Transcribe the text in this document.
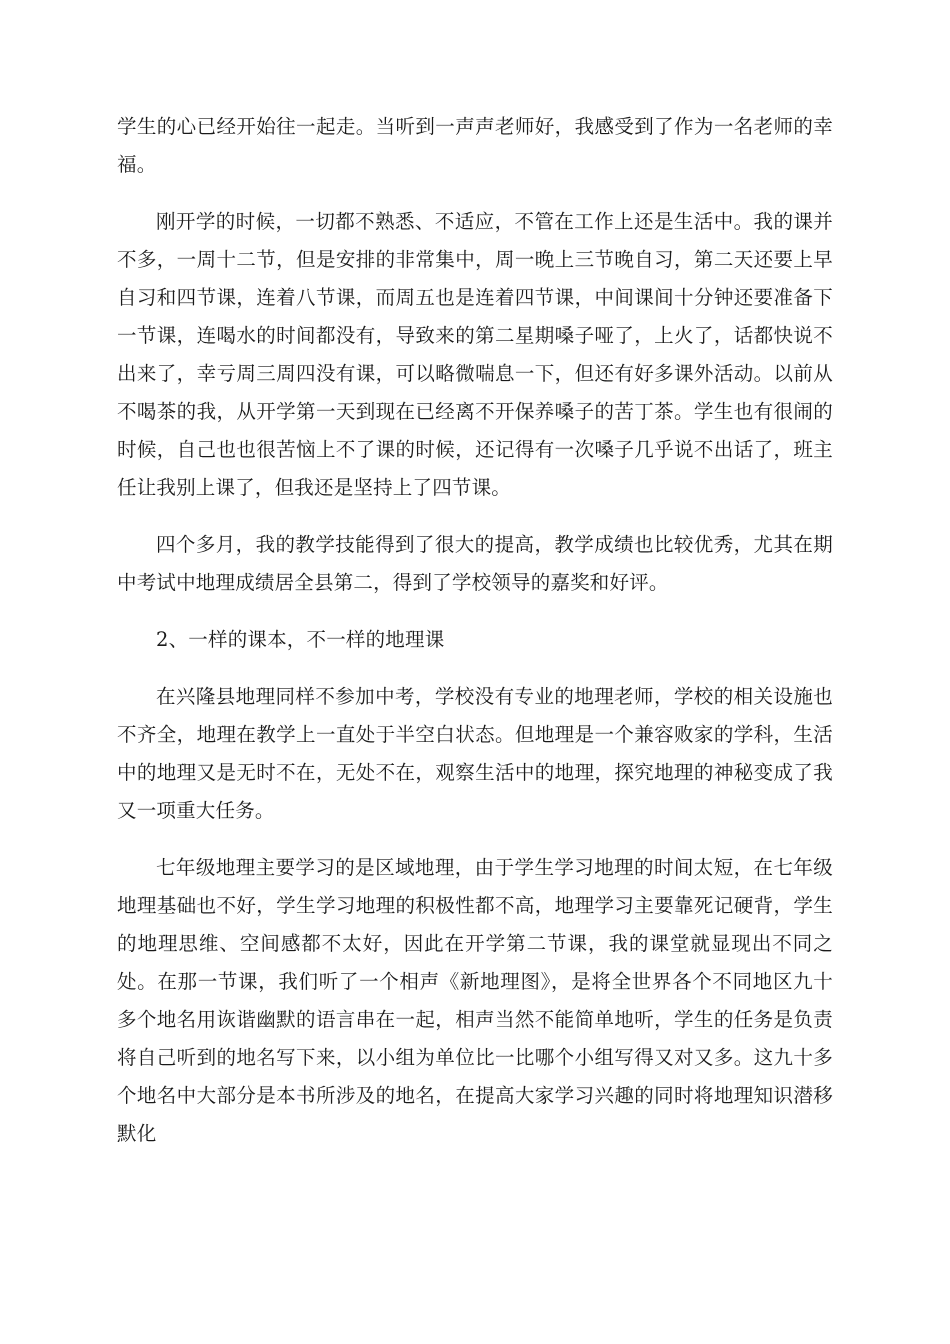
学生的心已经开始往一起走。当听到一声声老师好，我感受到了作为一名老师的幸福。

刚开学的时候，一切都不熟悉、不适应，不管在工作上还是生活中。我的课并不多，一周十二节，但是安排的非常集中，周一晚上三节晚自习，第二天还要上早自习和四节课，连着八节课，而周五也是连着四节课，中间课间十分钟还要准备下一节课，连喝水的时间都没有，导致来的第二星期嗓子哑了，上火了，话都快说不出来了，幸亏周三周四没有课，可以略微喘息一下，但还有好多课外活动。以前从不喝茶的我，从开学第一天到现在已经离不开保养嗓子的苦丁茶。学生也有很闹的时候，自己也也很苦恼上不了课的时候，还记得有一次嗓子几乎说不出话了，班主任让我别上课了，但我还是坚持上了四节课。

四个多月，我的教学技能得到了很大的提高，教学成绩也比较优秀，尤其在期中考试中地理成绩居全县第二，得到了学校领导的嘉奖和好评。

2、一样的课本，不一样的地理课

在兴隆县地理同样不参加中考，学校没有专业的地理老师，学校的相关设施也不齐全，地理在教学上一直处于半空白状态。但地理是一个兼容败家的学科，生活中的地理又是无时不在，无处不在，观察生活中的地理，探究地理的神秘变成了我又一项重大任务。

七年级地理主要学习的是区域地理，由于学生学习地理的时间太短，在七年级地理基础也不好，学生学习地理的积极性都不高，地理学习主要靠死记硬背，学生的地理思维、空间感都不太好，因此在开学第二节课，我的课堂就显现出不同之处。在那一节课，我们听了一个相声《新地理图》，是将全世界各个不同地区九十多个地名用诙谐幽默的语言串在一起，相声当然不能简单地听，学生的任务是负责将自己听到的地名写下来，以小组为单位比一比哪个小组写得又对又多。这九十多个地名中大部分是本书所涉及的地名，在提高大家学习兴趣的同时将地理知识潜移默化
